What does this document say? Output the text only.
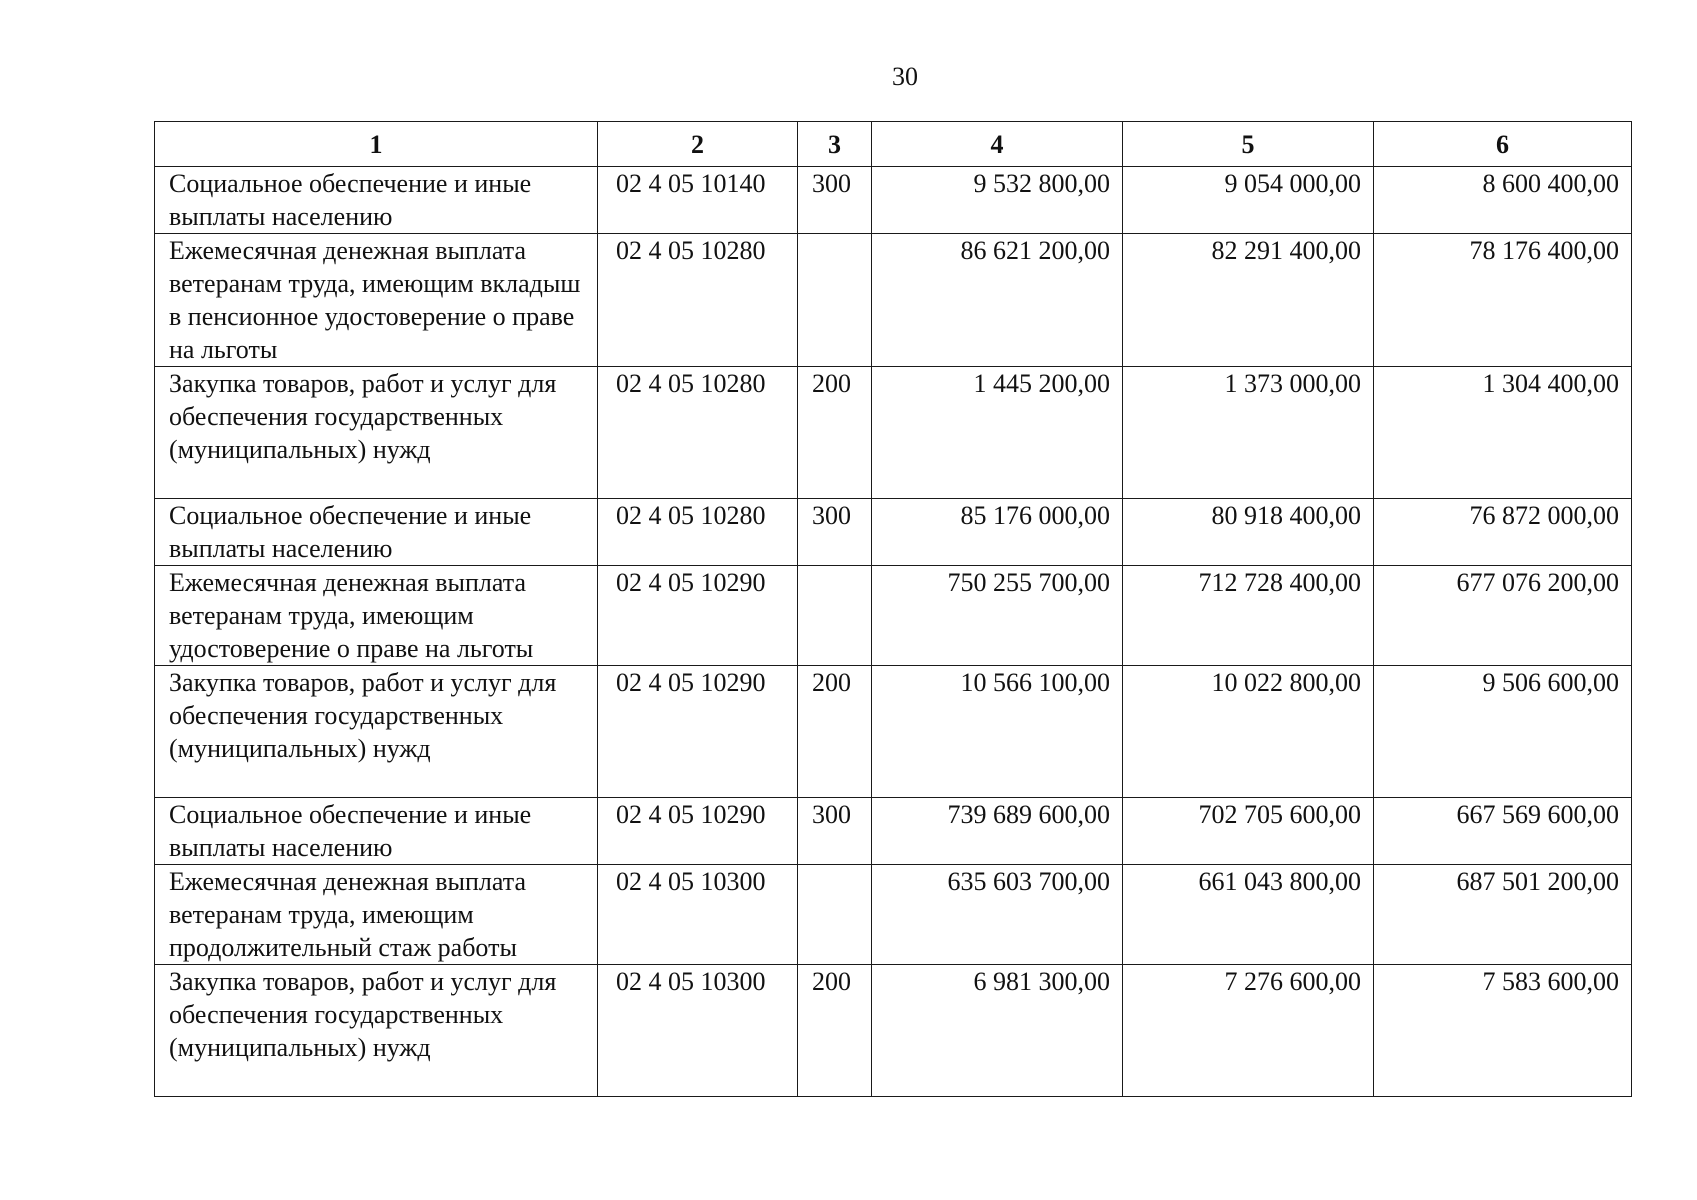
30
1	2	3	4	5	6
Социальное обеспечение и иные выплаты населению	02 4 05 10140	300	9 532 800,00	9 054 000,00	8 600 400,00
Ежемесячная денежная выплата ветеранам труда, имеющим вкладыш в пенсионное удостоверение о праве на льготы	02 4 05 10280		86 621 200,00	82 291 400,00	78 176 400,00
Закупка товаров, работ и услуг для обеспечения государственных (муниципальных) нужд	02 4 05 10280	200	1 445 200,00	1 373 000,00	1 304 400,00
Социальное обеспечение и иные выплаты населению	02 4 05 10280	300	85 176 000,00	80 918 400,00	76 872 000,00
Ежемесячная денежная выплата ветеранам труда, имеющим удостоверение о праве на льготы	02 4 05 10290		750 255 700,00	712 728 400,00	677 076 200,00
Закупка товаров, работ и услуг для обеспечения государственных (муниципальных) нужд	02 4 05 10290	200	10 566 100,00	10 022 800,00	9 506 600,00
Социальное обеспечение и иные выплаты населению	02 4 05 10290	300	739 689 600,00	702 705 600,00	667 569 600,00
Ежемесячная денежная выплата ветеранам труда, имеющим продолжительный стаж работы	02 4 05 10300		635 603 700,00	661 043 800,00	687 501 200,00
Закупка товаров, работ и услуг для обеспечения государственных (муниципальных) нужд	02 4 05 10300	200	6 981 300,00	7 276 600,00	7 583 600,00
